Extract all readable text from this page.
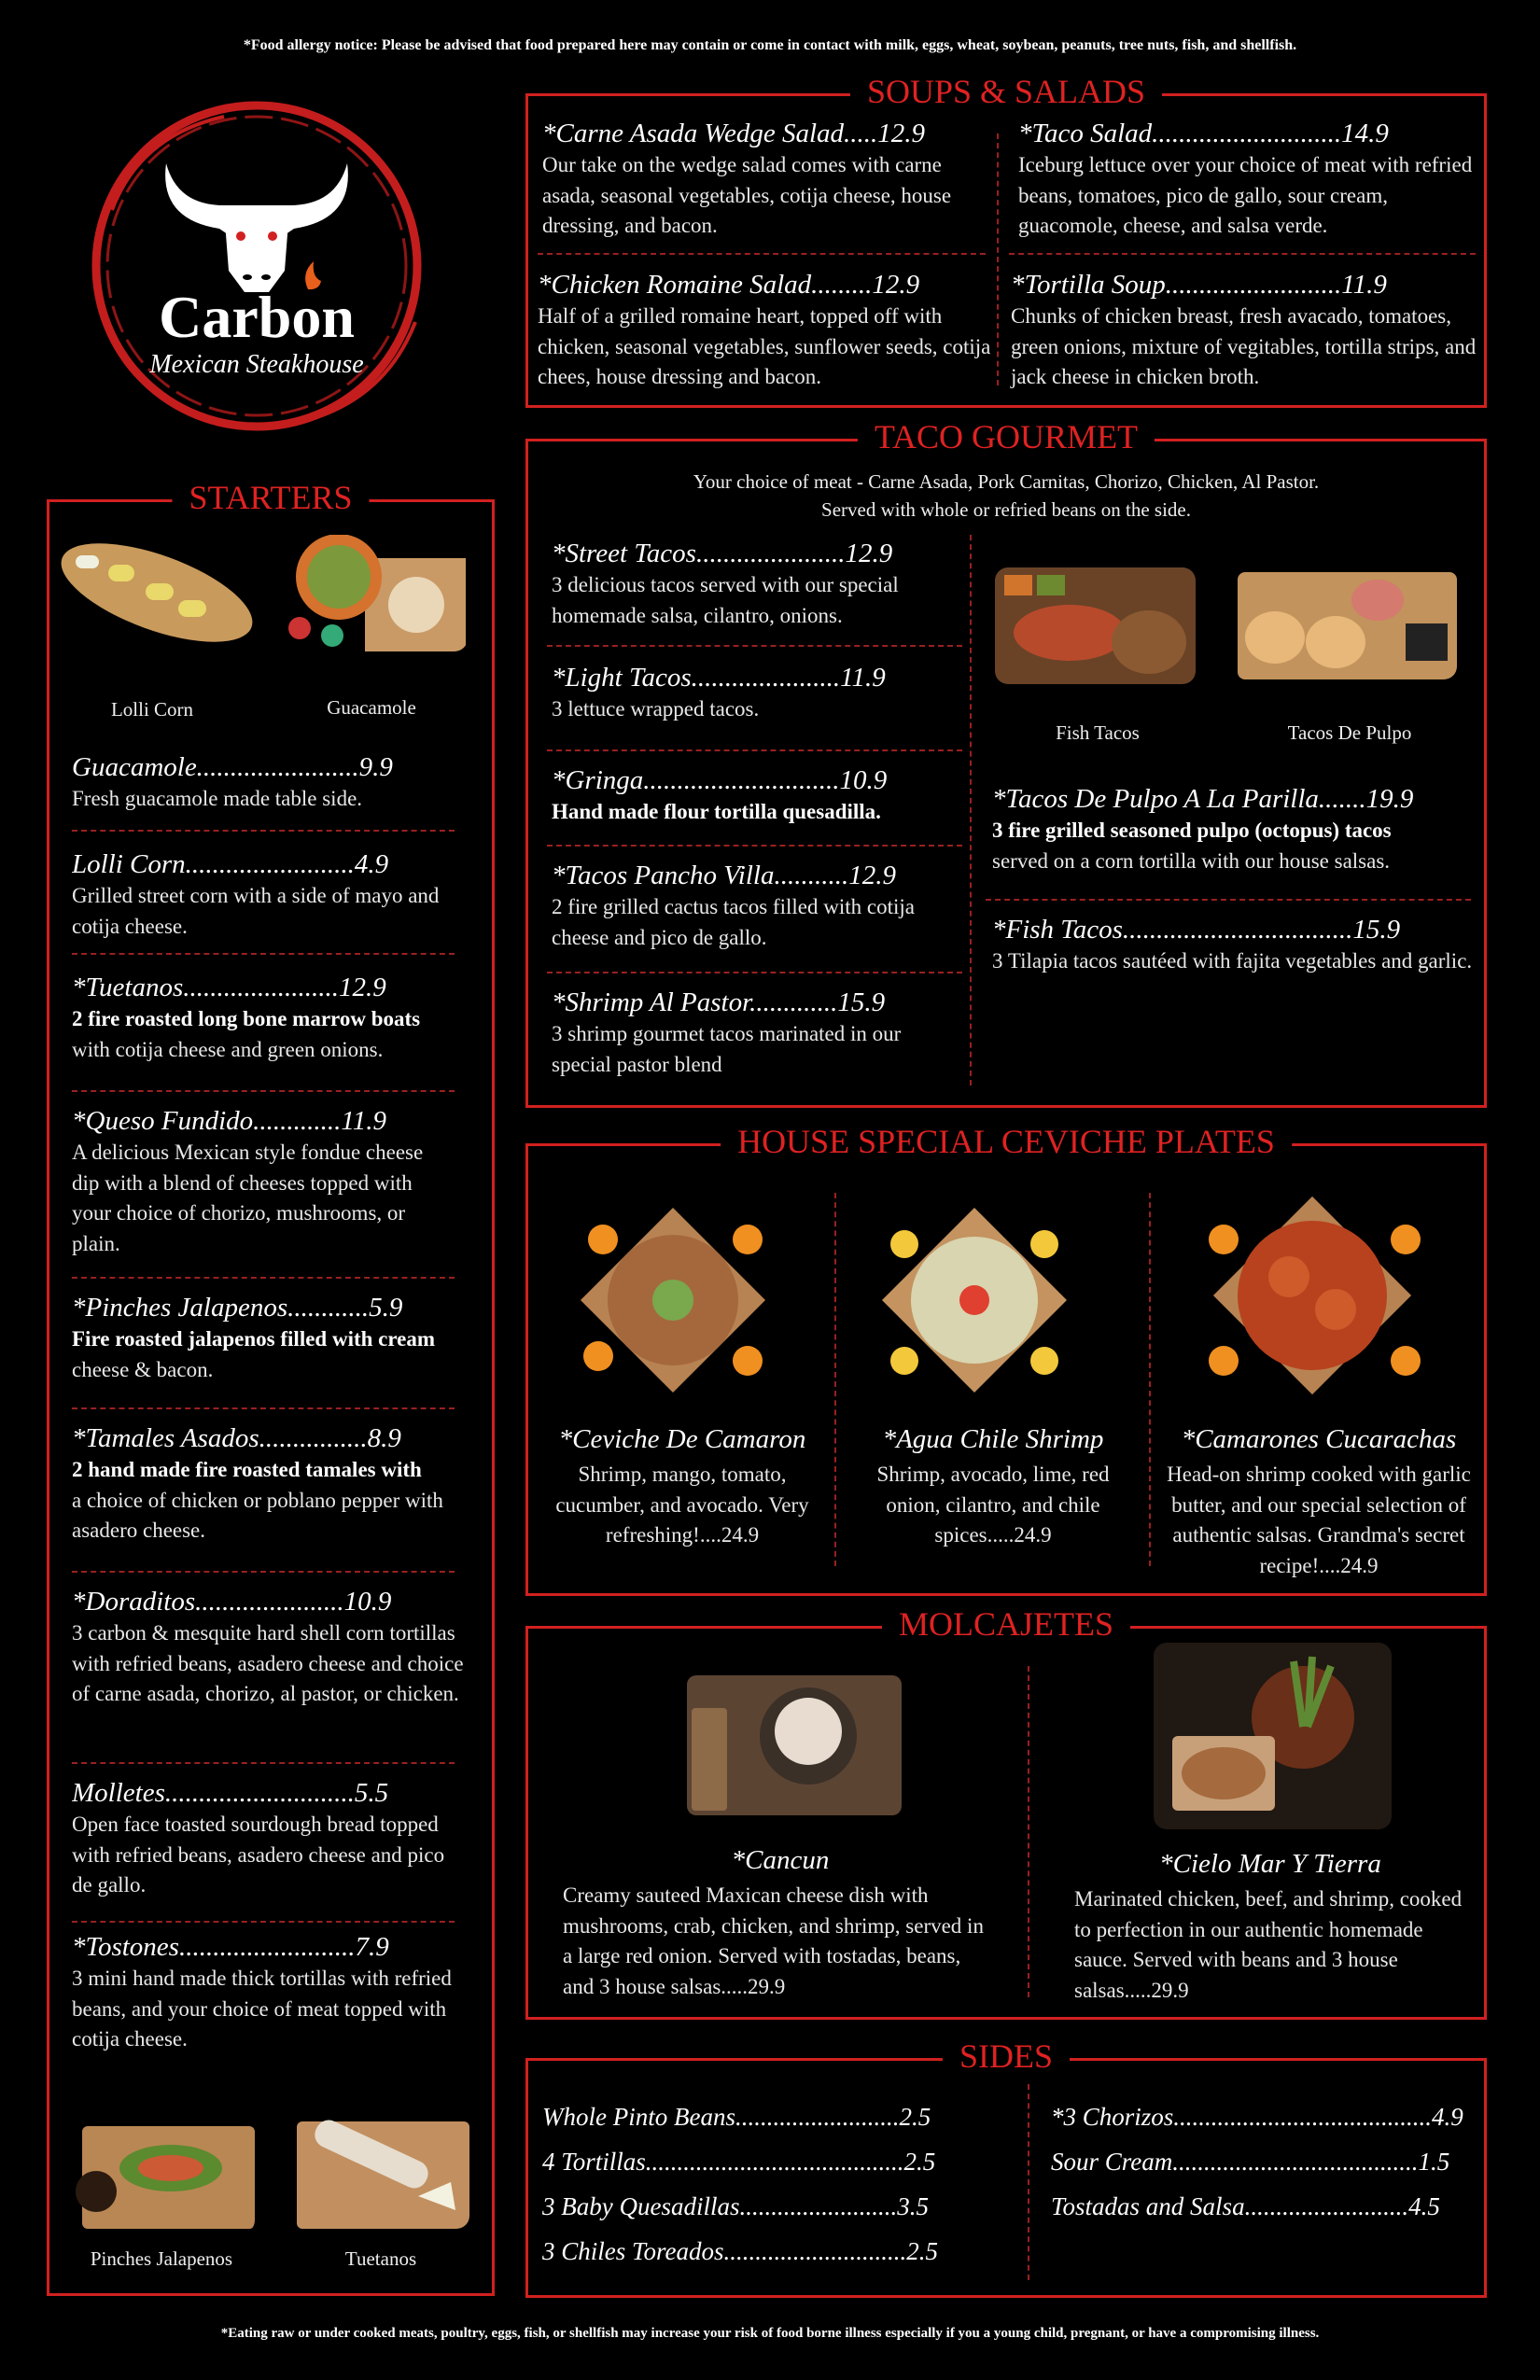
*Food allergy notice: Please be advised that food prepared here may contain or come in contact with milk, eggs, wheat, soybean, peanuts, tree nuts, fish, and shellfish.
Carbon
Mexican Steakhouse
STARTERS
Lolli Corn	Guacamole
Guacamole........................9.9
Fresh guacamole made table side.
Lolli Corn.........................4.9
Grilled street corn with a side of mayo and cotija cheese.
*Tuetanos.......................12.9
2 fire roasted long bone marrow boats
with cotija cheese and green onions.
*Queso Fundido.............11.9
A delicious Mexican style fondue cheese dip with a blend of cheeses topped with your choice of chorizo, mushrooms, or plain.
*Pinches Jalapenos............5.9
Fire roasted jalapenos filled with cream
cheese & bacon.
*Tamales Asados................8.9
2 hand made fire roasted tamales with
a choice of chicken or poblano pepper with asadero cheese.
*Doraditos......................10.9
3 carbon & mesquite hard shell corn tortillas with refried beans, asadero cheese and choice of carne asada, chorizo, al pastor, or chicken.
Molletes............................5.5
Open face toasted sourdough bread topped with refried beans, asadero cheese and pico de gallo.
*Tostones..........................7.9
3 mini hand made thick tortillas with refried beans, and your choice of meat topped with cotija cheese.
Pinches Jalapenos	Tuetanos
SOUPS & SALADS
*Carne Asada Wedge Salad.....12.9
Our take on the wedge salad comes with carne asada, seasonal vegetables, cotija cheese, house dressing, and bacon.
*Taco Salad............................14.9
Iceburg lettuce over your choice of meat with refried beans, tomatoes, pico de gallo, sour cream, guacomole, cheese, and salsa verde.
*Chicken Romaine Salad.........12.9
Half of a grilled romaine heart, topped off with chicken, seasonal vegetables, sunflower seeds, cotija chees, house dressing and bacon.
*Tortilla Soup..........................11.9
Chunks of chicken breast, fresh avacado, tomatoes, green onions, mixture of vegitables, tortilla strips, and jack cheese in chicken broth.
TACO GOURMET
Your choice of meat - Carne Asada, Pork Carnitas, Chorizo, Chicken, Al Pastor.
Served with whole or refried beans on the side.
*Street Tacos......................12.9
3 delicious tacos served with our special homemade salsa, cilantro, onions.
*Light Tacos......................11.9
3 lettuce wrapped tacos.
*Gringa.............................10.9
Hand made flour tortilla quesadilla.
*Tacos Pancho Villa...........12.9
2 fire grilled cactus tacos filled with cotija cheese and pico de gallo.
*Shrimp Al Pastor.............15.9
3 shrimp gourmet tacos marinated in our special pastor blend
Fish Tacos	Tacos De Pulpo
*Tacos De Pulpo A La Parilla.......19.9
3 fire grilled seasoned pulpo (octopus) tacos
served on a corn tortilla with our house salsas.
*Fish Tacos..................................15.9
3 Tilapia tacos sautéed with fajita vegetables and garlic.
HOUSE SPECIAL CEVICHE PLATES
*Ceviche De Camaron
Shrimp, mango, tomato, cucumber, and avocado. Very refreshing!....24.9
*Agua Chile Shrimp
Shrimp, avocado, lime, red onion, cilantro, and chile spices.....24.9
*Camarones Cucarachas
Head-on shrimp cooked with garlic butter, and our special selection of authentic salsas. Grandma's secret recipe!....24.9
MOLCAJETES
*Cancun
Creamy sauteed Maxican cheese dish with mushrooms, crab, chicken, and shrimp, served in a large red onion. Served with tostadas, beans, and 3 house salsas.....29.9
*Cielo Mar Y Tierra
Marinated chicken, beef, and shrimp, cooked to perfection in our authentic homemade sauce. Served with beans and 3 house salsas.....29.9
SIDES
Whole Pinto Beans..........................2.5
4 Tortillas.........................................2.5
3 Baby Quesadillas.........................3.5
3 Chiles Toreados.............................2.5
*3 Chorizos.........................................4.9
Sour Cream.......................................1.5
Tostadas and Salsa..........................4.5
*Eating raw or under cooked meats, poultry, eggs, fish, or shellfish may increase your risk of food borne illness especially if you a young child, pregnant, or have a compromising illness.
